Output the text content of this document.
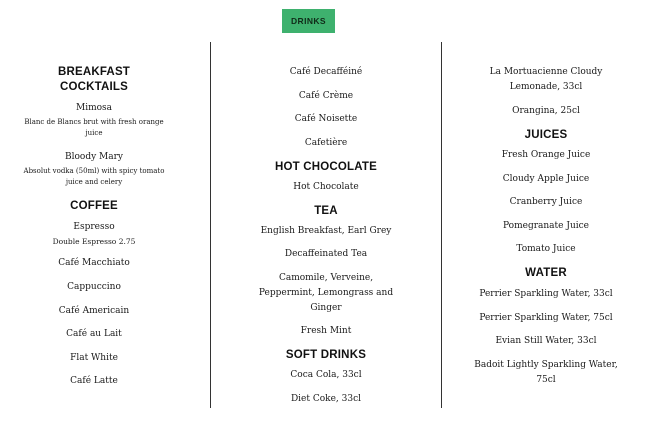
DRINKS
BREAKFAST
COCKTAILS
Mimosa
Blanc de Blancs brut with fresh orange
juice
Bloody Mary
Absolut vodka (50ml) with spicy tomato
juice and celery
COFFEE
Espresso
Double Espresso 2.75
Café Macchiato
Cappuccino
Café Americain
Café au Lait
Flat White
Café Latte
Café Decafféiné
Café Crème
Café Noisette
Cafetière
HOT CHOCOLATE
Hot Chocolate
TEA
English Breakfast, Earl Grey
Decaffeinated Tea
Camomile, Verveine,
Peppermint, Lemongrass and
Ginger
Fresh Mint
SOFT DRINKS
Coca Cola, 33cl
Diet Coke, 33cl
La Mortuacienne Cloudy
Lemonade, 33cl
Orangina, 25cl
JUICES
Fresh Orange Juice
Cloudy Apple Juice
Cranberry Juice
Pomegranate Juice
Tomato Juice
WATER
Perrier Sparkling Water, 33cl
Perrier Sparkling Water, 75cl
Evian Still Water, 33cl
Badoit Lightly Sparkling Water,
75cl
